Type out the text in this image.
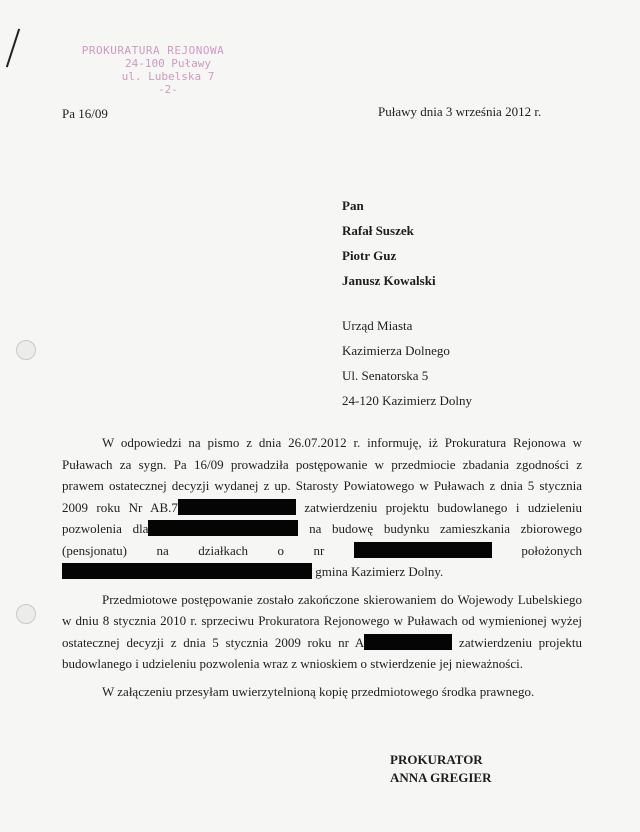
PROKURATURA REJONOWA
24-100 Puławy
ul. Lubelska 7
-2-
Pa 16/09	Puławy dnia 3 września 2012 r.
Pan
Rafał Suszek
Piotr Guz
Janusz Kowalski
Urząd Miasta
Kazimierza Dolnego
Ul. Senatorska 5
24-120 Kazimierz Dolny

W odpowiedzi na pismo z dnia 26.07.2012 r. informuję, iż Prokuratura Rejonowa w Puławach za sygn. Pa 16/09 prowadziła postępowanie w przedmiocie zbadania zgodności z prawem ostatecznej decyzji wydanej z up. Starosty Powiatowego w Puławach z dnia 5 stycznia 2009 roku Nr AB.7	zatwierdzeniu projektu budowlanego i udzieleniu pozwolenia dla	na budowę budynku zamieszkania zbiorowego (pensjonatu) na działkach o nr	położonych  gmina Kazimierz Dolny.

Przedmiotowe postępowanie zostało zakończone skierowaniem do Wojewody Lubelskiego w dniu 8 stycznia 2010 r. sprzeciwu Prokuratora Rejonowego w Puławach od wymienionej wyżej ostatecznej decyzji z dnia 5 stycznia 2009 roku nr A	zatwierdzeniu projektu budowlanego i udzieleniu pozwolenia wraz z wnioskiem o stwierdzenie jej nieważności.

W załączeniu przesyłam uwierzytelnioną kopię przedmiotowego środka prawnego.

PROKURATOR
ANNA GREGIER
